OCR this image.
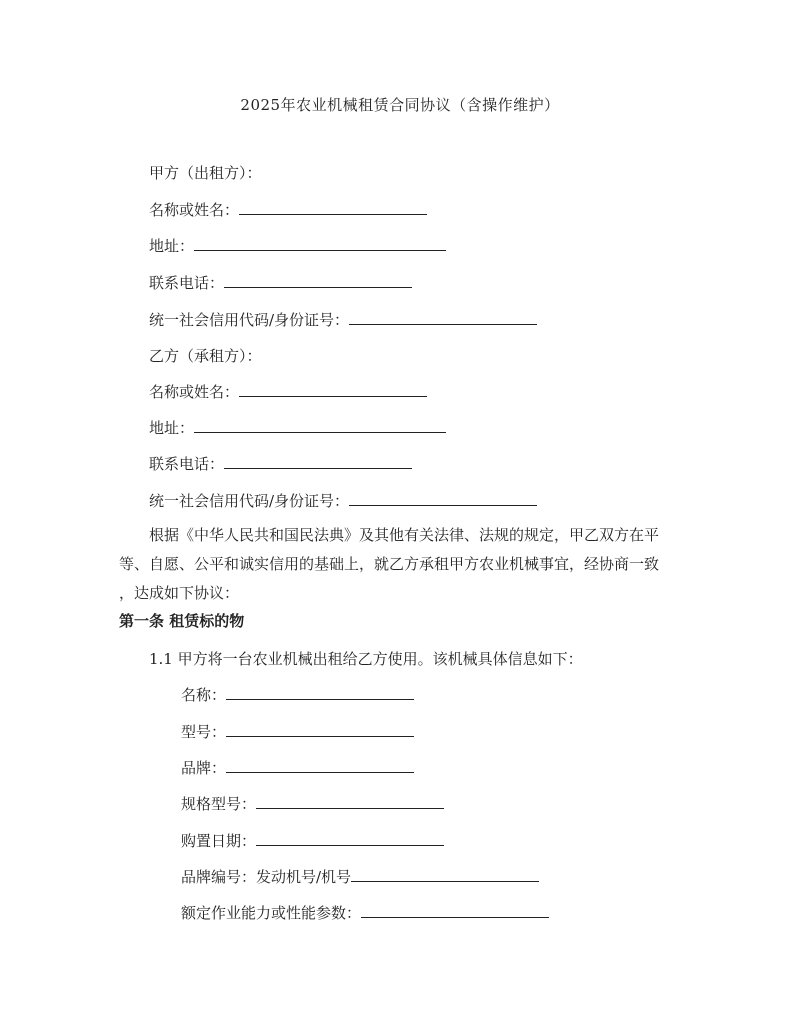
2025年农业机械租赁合同协议（含操作维护）
甲方（出租方）：
名称或姓名：
地址：
联系电话：
统一社会信用代码/身份证号：
乙方（承租方）：
名称或姓名：
地址：
联系电话：
统一社会信用代码/身份证号：
根据《中华人民共和国民法典》及其他有关法律、法规的规定，甲乙双方在平
等、自愿、公平和诚实信用的基础上，就乙方承租甲方农业机械事宜，经协商一致
，达成如下协议：
第一条 租赁标的物
1.1 甲方将一台农业机械出租给乙方使用。该机械具体信息如下：
名称：
型号：
品牌：
规格型号：
购置日期：
品牌编号：发动机号/机号
额定作业能力或性能参数：
